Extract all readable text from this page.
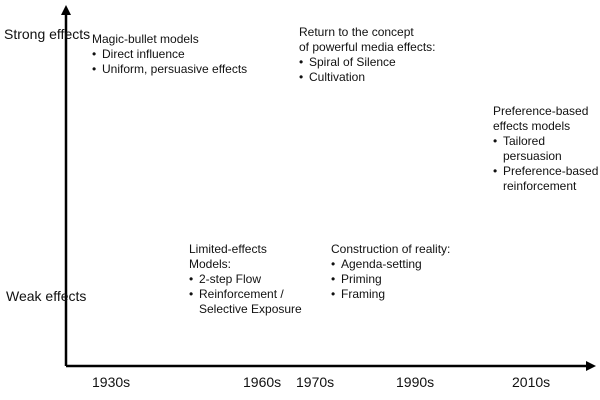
Strong effects
Weak effects
1930s	1960s 1970s	1990s	2010s
Magic-bullet models
• Direct influence
• Uniform, persuasive effects
Limited-effects
Models:
• 2-step Flow
• Reinforcement /
Selective Exposure
Return to the concept
of powerful media effects:
• Spiral of Silence
• Cultivation
Construction of reality:
• Agenda-setting
• Priming
• Framing
Preference-based
effects models
• Tailored
persuasion
• Preference-based
reinforcement
